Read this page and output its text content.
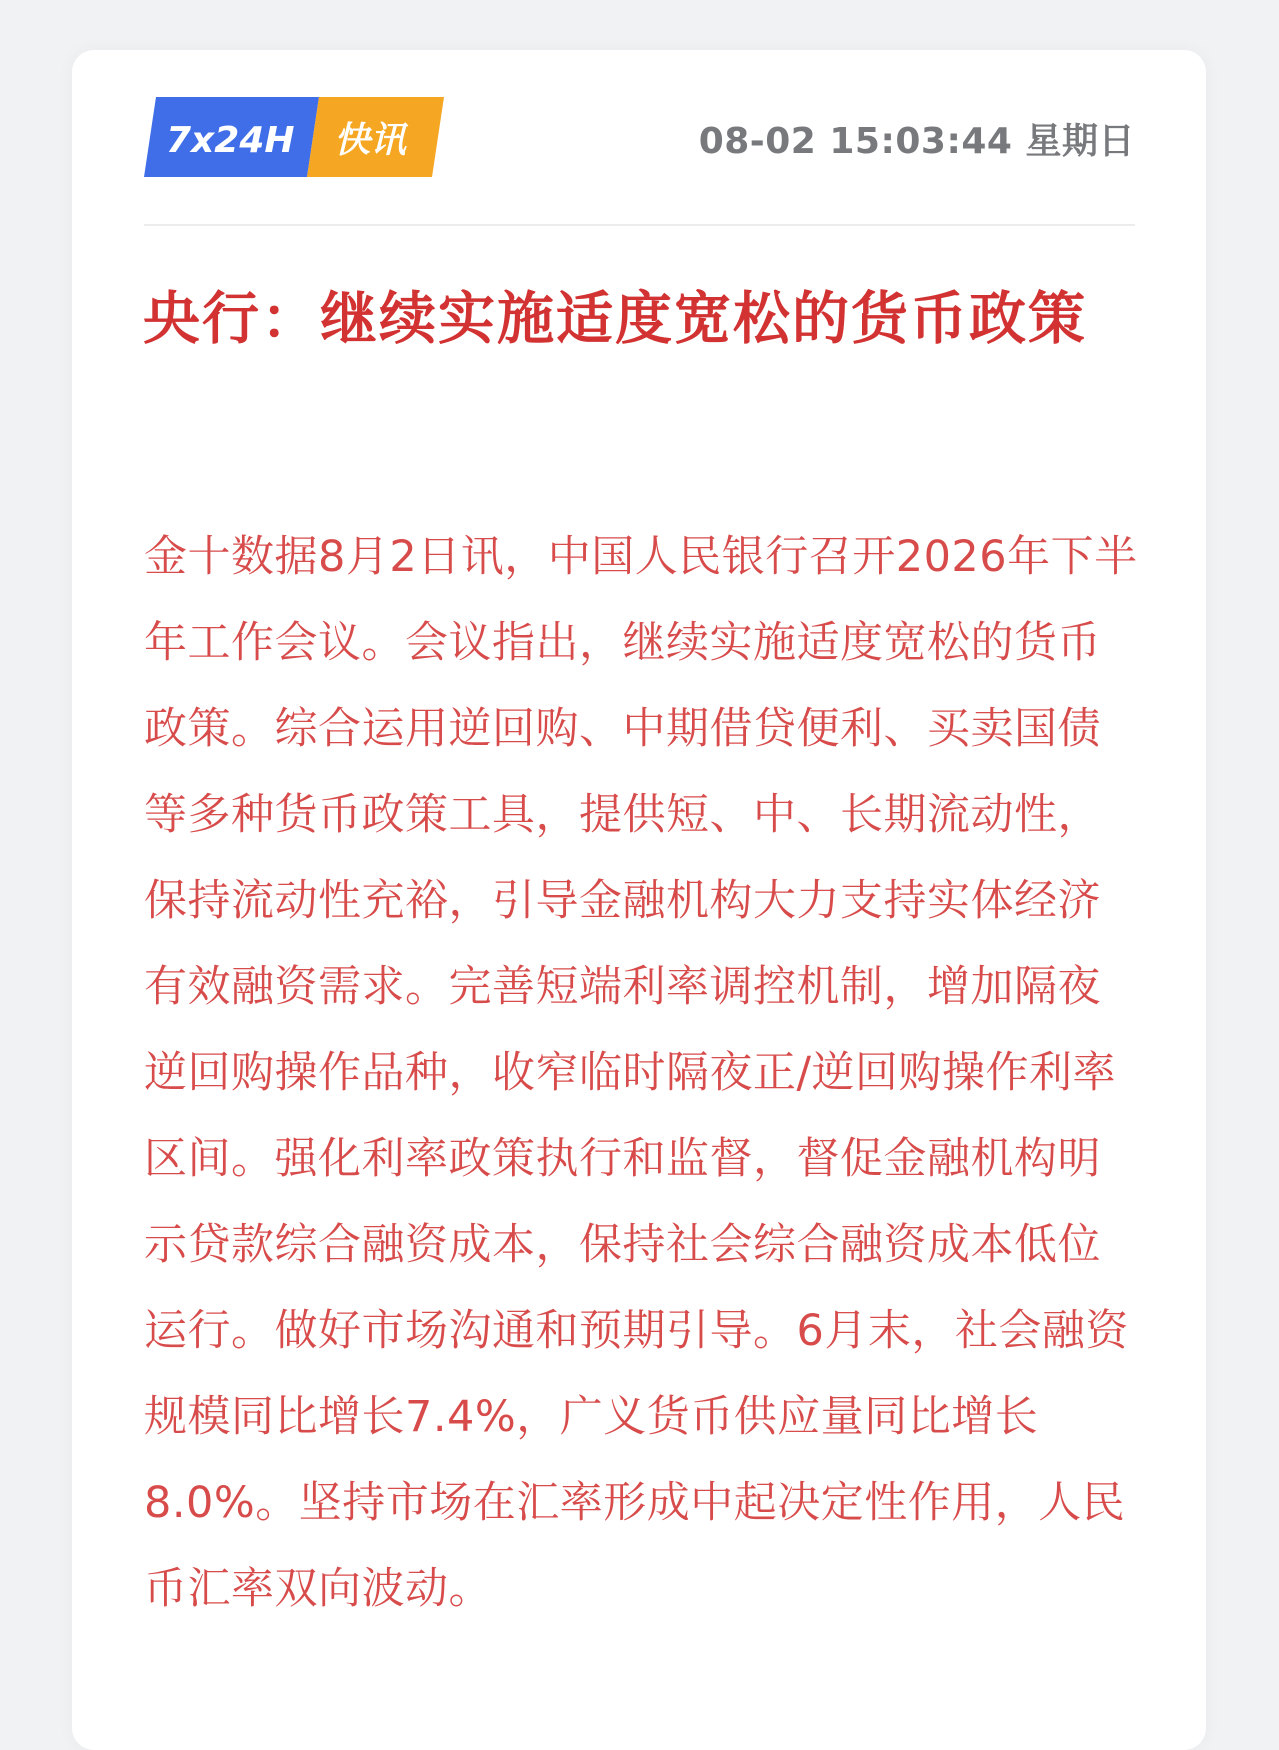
7x24H 快讯	08-02 15:03:44 星期日
央行：继续实施适度宽松的货币政策

金十数据8月2日讯，中国人民银行召开2026年下半年工作会议。会议指出，继续实施适度宽松的货币政策。综合运用逆回购、中期借贷便利、买卖国债等多种货币政策工具，提供短、中、长期流动性，保持流动性充裕，引导金融机构大力支持实体经济有效融资需求。完善短端利率调控机制，增加隔夜逆回购操作品种，收窄临时隔夜正/逆回购操作利率区间。强化利率政策执行和监督，督促金融机构明示贷款综合融资成本，保持社会综合融资成本低位运行。做好市场沟通和预期引导。6月末，社会融资规模同比增长7.4%，广义货币供应量同比增长8.0%。坚持市场在汇率形成中起决定性作用，人民币汇率双向波动。
